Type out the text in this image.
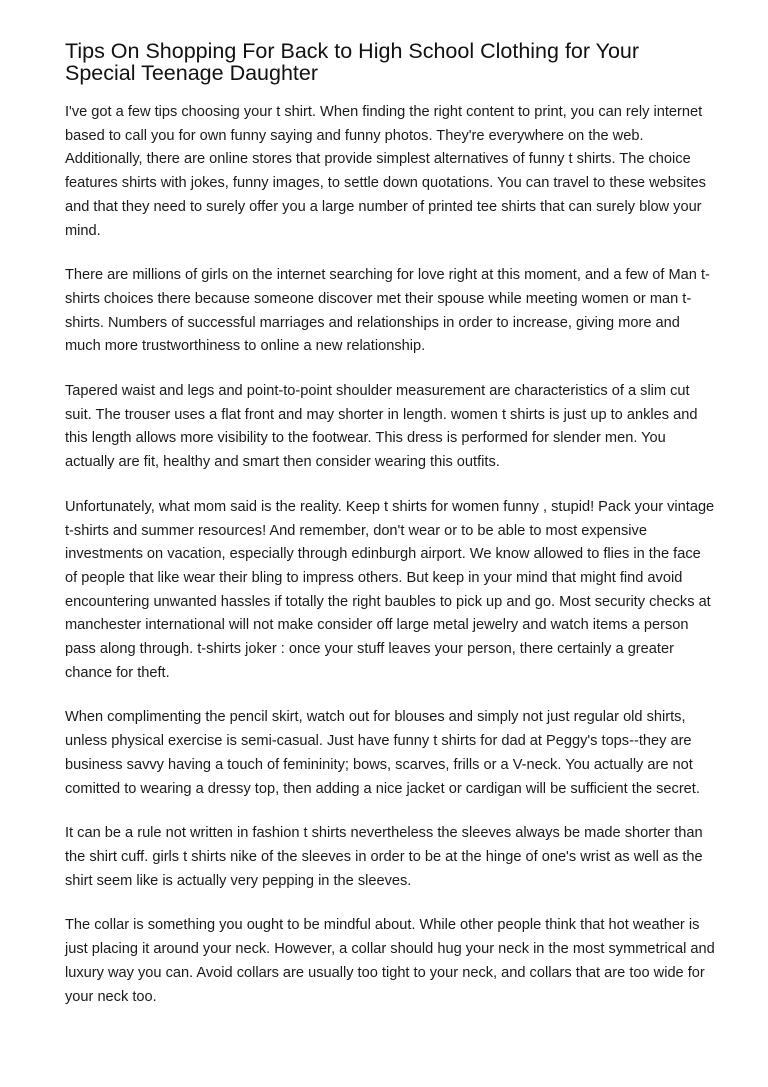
Tips On Shopping For Back to High School Clothing for Your Special Teenage Daughter

I've got a few tips choosing your t shirt. When finding the right content to print, you can rely internet based to call you for own funny saying and funny photos. They're everywhere on the web. Additionally, there are online stores that provide simplest alternatives of funny t shirts. The choice features shirts with jokes, funny images, to settle down quotations. You can travel to these websites and that they need to surely offer you a large number of printed tee shirts that can surely blow your mind.

There are millions of girls on the internet searching for love right at this moment, and a few of Man t-shirts choices there because someone discover met their spouse while meeting women or man t-shirts. Numbers of successful marriages and relationships in order to increase, giving more and much more trustworthiness to online a new relationship.

Tapered waist and legs and point-to-point shoulder measurement are characteristics of a slim cut suit. The trouser uses a flat front and may shorter in length. women t shirts is just up to ankles and this length allows more visibility to the footwear. This dress is performed for slender men. You actually are fit, healthy and smart then consider wearing this outfits.

Unfortunately, what mom said is the reality. Keep t shirts for women funny , stupid! Pack your vintage t-shirts and summer resources! And remember, don't wear or to be able to most expensive investments on vacation, especially through edinburgh airport. We know allowed to flies in the face of people that like wear their bling to impress others. But keep in your mind that might find avoid encountering unwanted hassles if totally the right baubles to pick up and go. Most security checks at manchester international will not make consider off large metal jewelry and watch items a person pass along through. t-shirts joker : once your stuff leaves your person, there certainly a greater chance for theft.

When complimenting the pencil skirt, watch out for blouses and simply not just regular old shirts, unless physical exercise is semi-casual. Just have funny t shirts for dad at Peggy's tops--they are business savvy having a touch of femininity; bows, scarves, frills or a V-neck. You actually are not comitted to wearing a dressy top, then adding a nice jacket or cardigan will be sufficient the secret.

It can be a rule not written in fashion t shirts nevertheless the sleeves always be made shorter than the shirt cuff. girls t shirts nike of the sleeves in order to be at the hinge of one's wrist as well as the shirt seem like is actually very pepping in the sleeves.

The collar is something you ought to be mindful about. While other people think that hot weather is just placing it around your neck. However, a collar should hug your neck in the most symmetrical and luxury way you can. Avoid collars are usually too tight to your neck, and collars that are too wide for your neck too.
